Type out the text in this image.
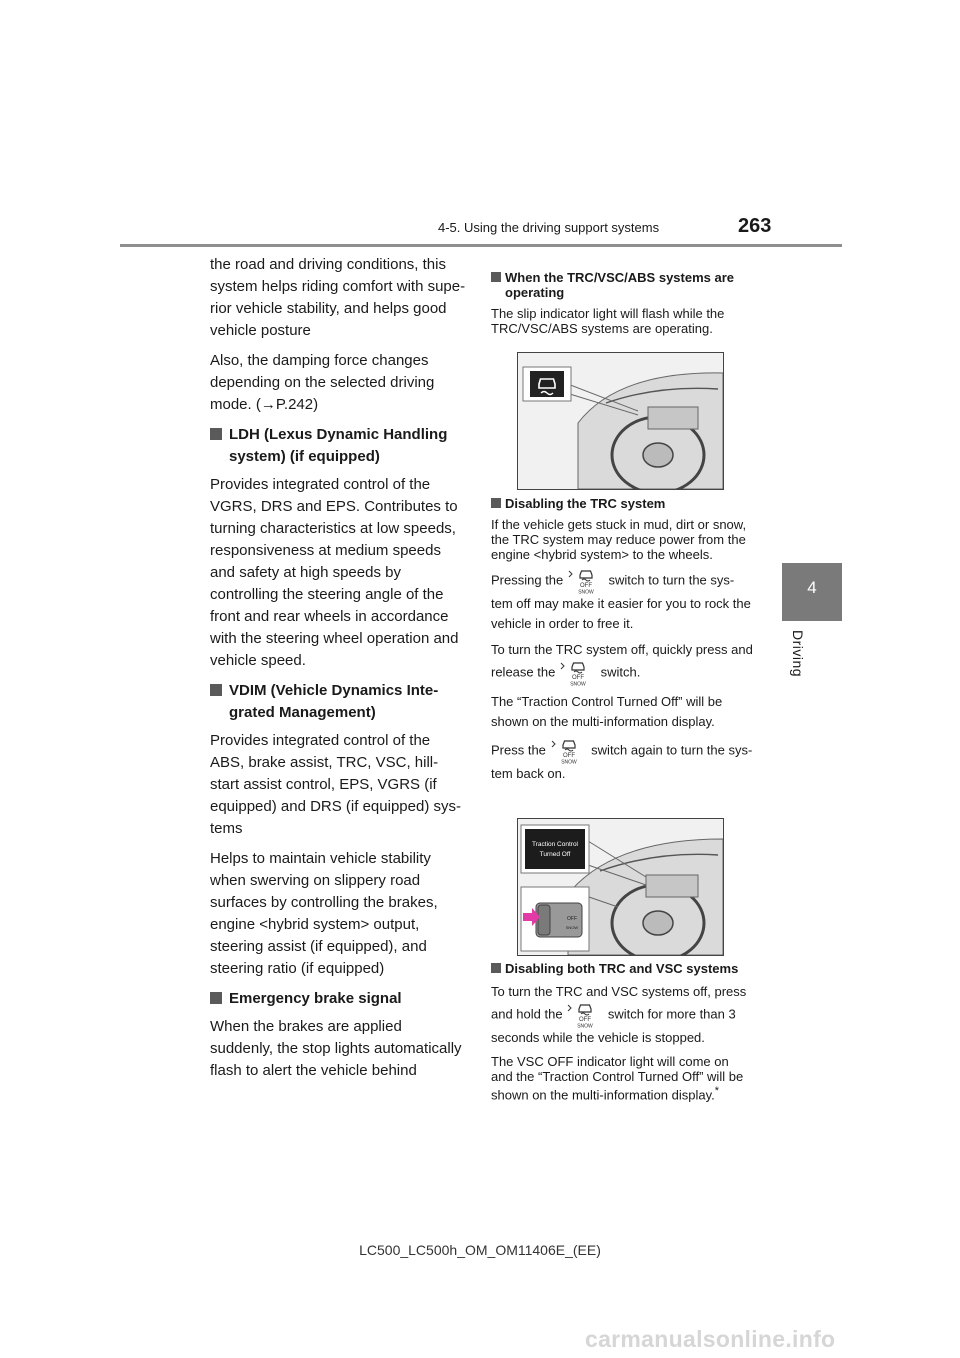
4-5. Using the driving support systems	263
4
Driving

the road and driving conditions, this system helps riding comfort with supe-rior vehicle stability, and helps good vehicle posture

Also, the damping force changes depending on the selected driving mode. (→P.242)

LDH (Lexus Dynamic Handling system) (if equipped)

Provides integrated control of the VGRS, DRS and EPS. Contributes to turning characteristics at low speeds, responsiveness at medium speeds and safety at high speeds by controlling the steering angle of the front and rear wheels in accordance with the steering wheel operation and vehicle speed.

VDIM (Vehicle Dynamics Inte-grated Management)

Provides integrated control of the ABS, brake assist, TRC, VSC, hill-start assist control, EPS, VGRS (if equipped) and DRS (if equipped) sys-tems

Helps to maintain vehicle stability when swerving on slippery road surfaces by controlling the brakes, engine <hybrid system> output, steering assist (if equipped), and steering ratio (if equipped)

Emergency brake signal

When the brakes are applied suddenly, the stop lights automatically flash to alert the vehicle behind

When the TRC/VSC/ABS systems are operating

The slip indicator light will flash while the TRC/VSC/ABS systems are operating.

Disabling the TRC system

If the vehicle gets stuck in mud, dirt or snow, the TRC system may reduce power from the engine <hybrid system> to the wheels.

Pressing the	OFF
SNOW
switch to turn the sys-tem off may make it easier for you to rock the vehicle in order to free it.

To turn the TRC system off, quickly press and release the	OFF
SNOW
switch.

The “Traction Control Turned Off” will be shown on the multi-information display.

Press the	OFF
SNOW
switch again to turn the sys-tem back on.

Traction Control
Turned Off
OFF
SNOW
Disabling both TRC and VSC systems

To turn the TRC and VSC systems off, press and hold the	OFF
SNOW
switch for more than 3 seconds while the vehicle is stopped.

The VSC OFF indicator light will come on and the “Traction Control Turned Off” will be shown on the multi-information display.*

LC500_LC500h_OM_OM11406E_(EE)
carmanualsonline.info
